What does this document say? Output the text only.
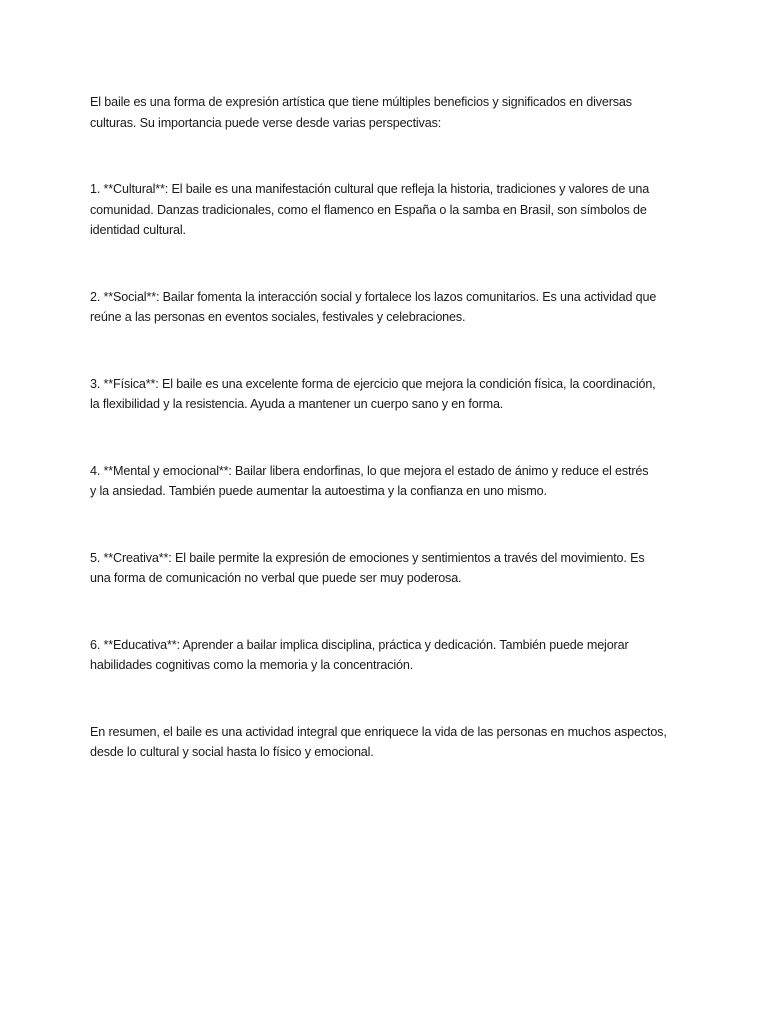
El baile es una forma de expresión artística que tiene múltiples beneficios y significados en diversas
culturas. Su importancia puede verse desde varias perspectivas:

1. **Cultural**: El baile es una manifestación cultural que refleja la historia, tradiciones y valores de una
comunidad. Danzas tradicionales, como el flamenco en España o la samba en Brasil, son símbolos de
identidad cultural.

2. **Social**: Bailar fomenta la interacción social y fortalece los lazos comunitarios. Es una actividad que
reúne a las personas en eventos sociales, festivales y celebraciones.

3. **Física**: El baile es una excelente forma de ejercicio que mejora la condición física, la coordinación,
la flexibilidad y la resistencia. Ayuda a mantener un cuerpo sano y en forma.

4. **Mental y emocional**: Bailar libera endorfinas, lo que mejora el estado de ánimo y reduce el estrés
y la ansiedad. También puede aumentar la autoestima y la confianza en uno mismo.

5. **Creativa**: El baile permite la expresión de emociones y sentimientos a través del movimiento. Es
una forma de comunicación no verbal que puede ser muy poderosa.

6. **Educativa**: Aprender a bailar implica disciplina, práctica y dedicación. También puede mejorar
habilidades cognitivas como la memoria y la concentración.

En resumen, el baile es una actividad integral que enriquece la vida de las personas en muchos aspectos,
desde lo cultural y social hasta lo físico y emocional.
